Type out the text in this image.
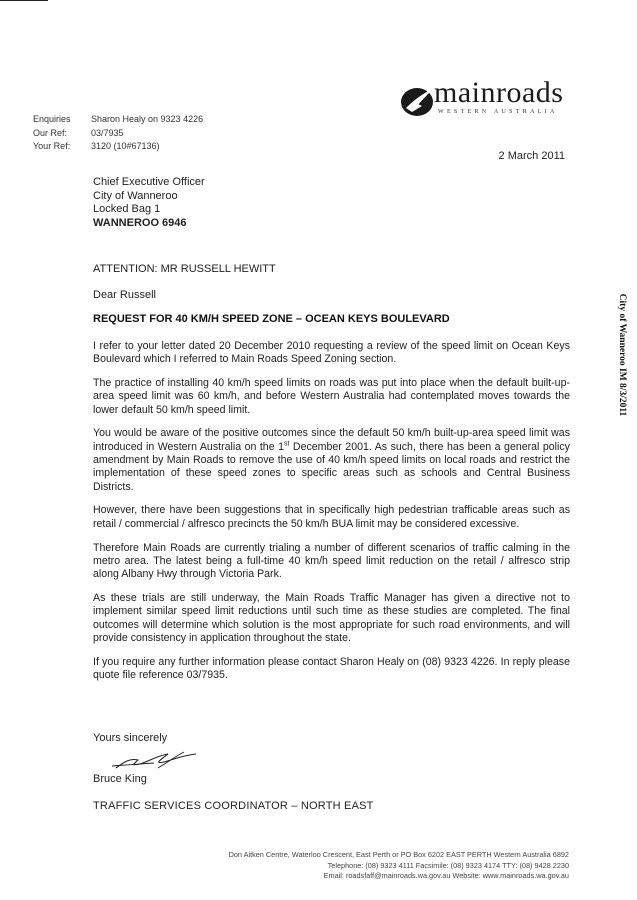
mainroads
WESTERN AUSTRALIA
Enquiries	Sharon Healy on 9323 4226
Our Ref:	03/7935
Your Ref:	3120 (10#67136)
2 March 2011
Chief Executive Officer
City of Wanneroo
Locked Bag 1
WANNEROO 6946
ATTENTION: MR RUSSELL HEWITT
Dear Russell
REQUEST FOR 40 KM/H SPEED ZONE – OCEAN KEYS BOULEVARD

I refer to your letter dated 20 December 2010 requesting a review of the speed limit on Ocean Keys Boulevard which I referred to Main Roads Speed Zoning section.

The practice of installing 40 km/h speed limits on roads was put into place when the default built-up-area speed limit was 60 km/h, and before Western Australia had contemplated moves towards the lower default 50 km/h speed limit.

You would be aware of the positive outcomes since the default 50 km/h built-up-area speed limit was introduced in Western Australia on the 1st December 2001. As such, there has been a general policy amendment by Main Roads to remove the use of 40 km/h speed limits on local roads and restrict the implementation of these speed zones to specific areas such as schools and Central Business Districts.

However, there have been suggestions that in specifically high pedestrian trafficable areas such as retail / commercial / alfresco precincts the 50 km/h BUA limit may be considered excessive.

Therefore Main Roads are currently trialing a number of different scenarios of traffic calming in the metro area. The latest being a full-time 40 km/h speed limit reduction on the retail / alfresco strip along Albany Hwy through Victoria Park.

As these trials are still underway, the Main Roads Traffic Manager has given a directive not to implement similar speed limit reductions until such time as these studies are completed. The final outcomes will determine which solution is the most appropriate for such road environments, and will provide consistency in application throughout the state.

If you require any further information please contact Sharon Healy on (08) 9323 4226. In reply please quote file reference 03/7935.

Yours sincerely
Bruce King
TRAFFIC SERVICES COORDINATOR – NORTH EAST
Don Aitken Centre, Waterloo Crescent, East Perth or PO Box 6202 EAST PERTH Western Australia 6892
Telephone: (08) 9323 4111 Facsimile: (08) 9323 4174 TTY: (08) 9428 2230
Email: roadsfaff@mainroads.wa.gov.au Website: www.mainroads.wa.gov.au
City of Wanneroo IM 8/3/2011
